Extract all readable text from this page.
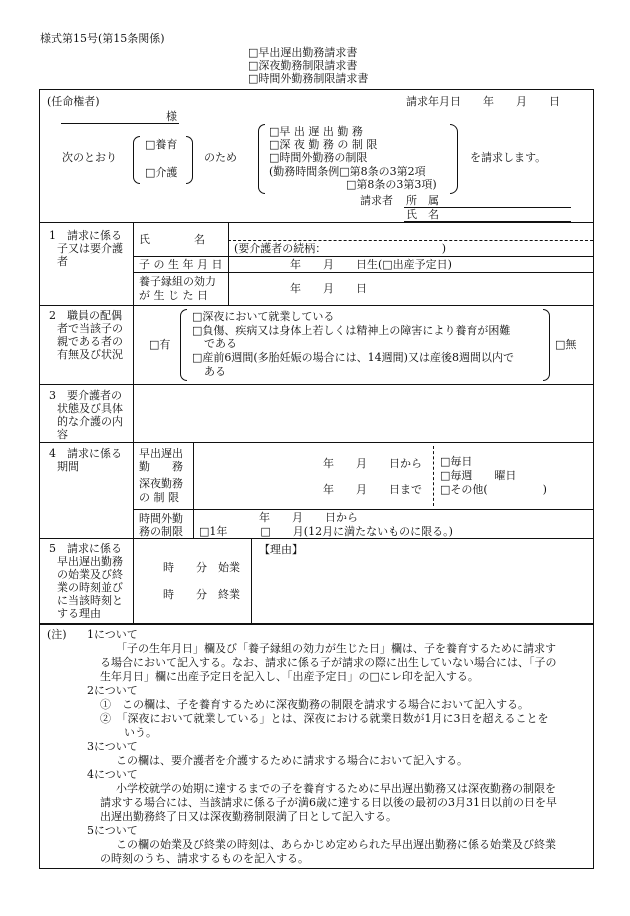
様式第15号(第15条関係)
□早出遅出勤務請求書
□深夜勤務制限請求書
□時間外勤務制限請求書
(任命権者)	請求年月日　　年　　月　　日
様
次のとおり
□養育
□介護
のため
□早 出 遅 出 勤 務
□深 夜 勤 務 の 制 限
□時間外勤務の制限
(勤務時間条例□第8条の3第2項
□第8条の3第3項)
を請求します。
請求者 所　属
氏　名
1　請求に係る
子又は要介護
者
氏　　　　名
(要介護者の続柄：　　　　　　　　　　　)
子 の 生 年 月 日	年　　月　　日生(□出産予定日)
養子縁組の効力
が 生 じ た 日
年　　月　　日
2　職員の配偶
者で当該子の
親である者の
有無及び状況
□有
□深夜において就業している
□負傷、疾病又は身体上若しくは精神上の障害により養育が困難
である
□産前6週間(多胎妊娠の場合には、14週間)又は産後8週間以内で
ある
□無
3　要介護者の
状態及び具体
的な介護の内
容
4　請求に係る
期間
早出遅出
勤　　務
深夜勤務
の 制 限
年　　月　　日から
年　　月　　日まで
□毎日
□毎週　　曜日
□その他(　　　　　)
時間外勤
務の制限
年　　月　　日から
□1年　　　□　　月(12月に満たないものに限る。)
5　請求に係る
早出遅出勤務
の始業及び終
業の時刻並び
に当該時刻と
する理由
時　　分　始業
時　　分　終業
【理由】
(注) 1について
「子の生年月日」欄及び「養子縁組の効力が生じた日」欄は、子を養育するために請求す
る場合において記入する。なお、請求に係る子が請求の際に出生していない場合には、「子の
生年月日」欄に出産予定日を記入し、「出産予定日」の□にレ印を記入する。
2について
①　この欄は、子を養育するために深夜勤務の制限を請求する場合において記入する。
②　「深夜において就業している」とは、深夜における就業日数が1月に3日を超えることを
いう。
3について
この欄は、要介護者を介護するために請求する場合において記入する。
4について
小学校就学の始期に達するまでの子を養育するために早出遅出勤務又は深夜勤務の制限を
請求する場合には、当該請求に係る子が満6歳に達する日以後の最初の3月31日以前の日を早
出遅出勤務終了日又は深夜勤務制限満了日として記入する。
5について
この欄の始業及び終業の時刻は、あらかじめ定められた早出遅出勤務に係る始業及び終業
の時刻のうち、請求するものを記入する。
